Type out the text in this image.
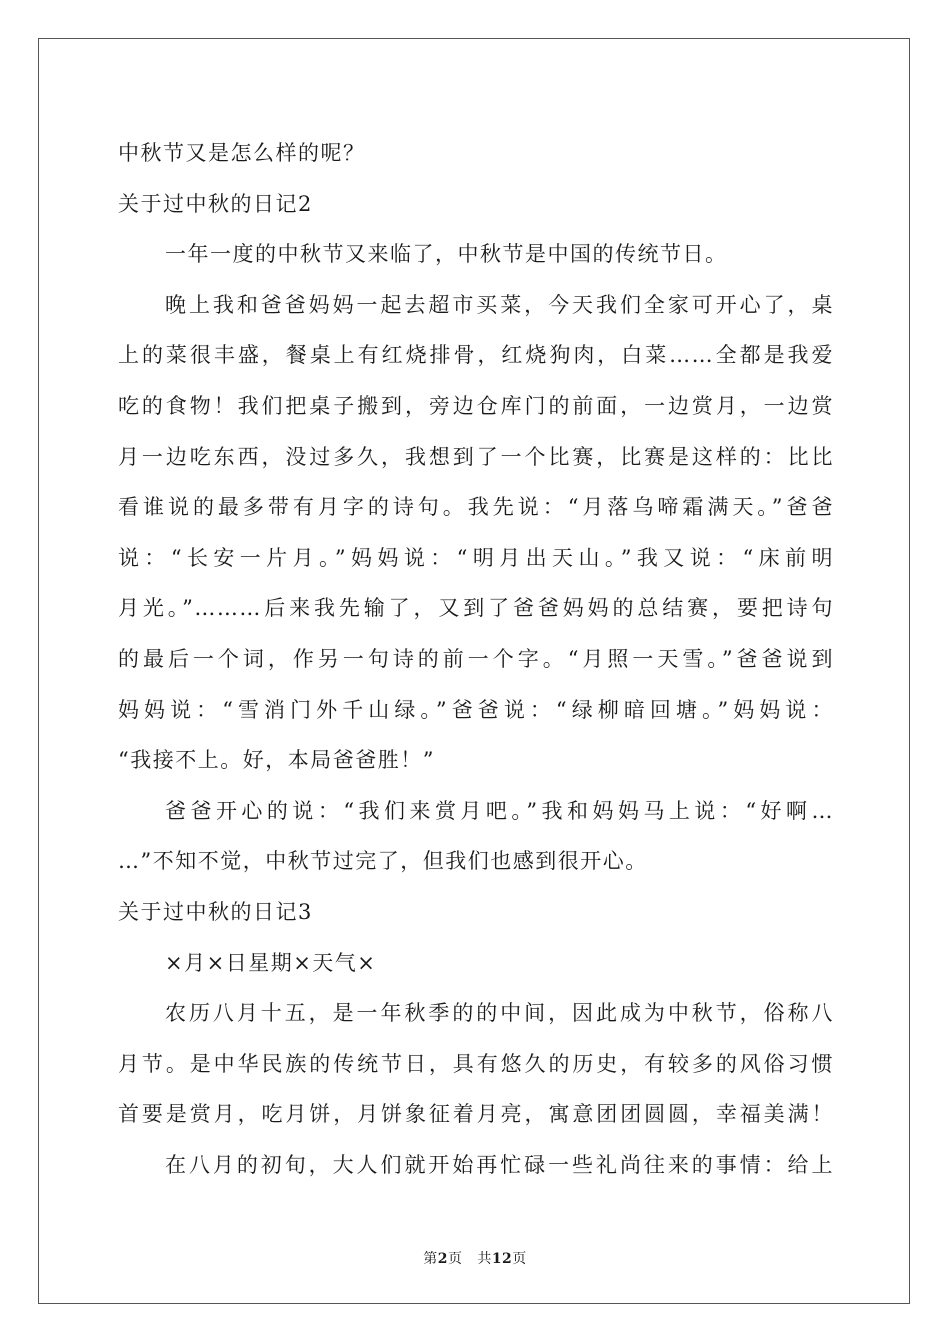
中秋节又是怎么样的呢？
关于过中秋的日记2
一年一度的中秋节又来临了，中秋节是中国的传统节日。
晚上我和爸爸妈妈一起去超市买菜，今天我们全家可开心了，桌
上的菜很丰盛，餐桌上有红烧排骨，红烧狗肉，白菜……全都是我爱
吃的食物！我们把桌子搬到，旁边仓库门的前面，一边赏月，一边赏
月一边吃东西，没过多久，我想到了一个比赛，比赛是这样的：比比
看谁说的最多带有月字的诗句。我先说：“月落乌啼霜满天。”爸爸
说：“长安一片月。”妈妈说：“明月出天山。”我又说：“床前明
月光。”………后来我先输了，又到了爸爸妈妈的总结赛，要把诗句
的最后一个词，作另一句诗的前一个字。“月照一天雪。”爸爸说到
妈妈说：“雪消门外千山绿。”爸爸说：“绿柳暗回塘。”妈妈说：
“我接不上。好，本局爸爸胜！”
爸爸开心的说：“我们来赏月吧。”我和妈妈马上说：“好啊…
…”不知不觉，中秋节过完了，但我们也感到很开心。
关于过中秋的日记3
×月×日星期×天气×
农历八月十五，是一年秋季的的中间，因此成为中秋节，俗称八
月节。是中华民族的传统节日，具有悠久的历史，有较多的风俗习惯
首要是赏月，吃月饼，月饼象征着月亮，寓意团团圆圆，幸福美满！
在八月的初旬，大人们就开始再忙碌一些礼尚往来的事情：给上
第2页 共12页
